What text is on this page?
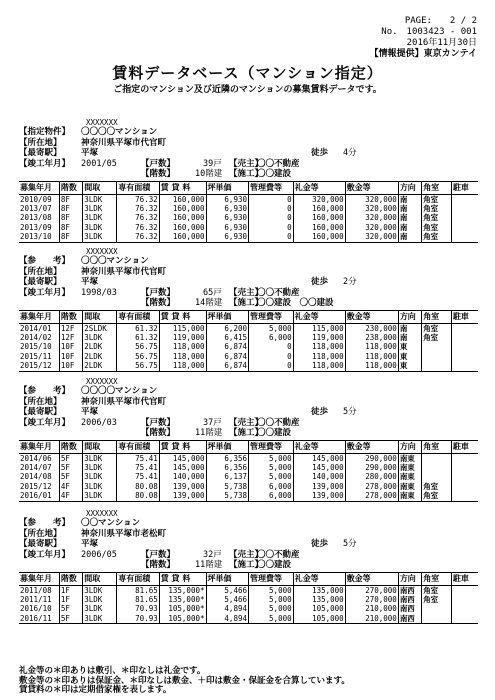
PAGE:　　2 / 2
No.　1003423 - 001
2016年11月30日
【情報提供】東京カンテイ
賃料データベース（マンション指定）
ご指定のマンション及び近隣のマンションの募集賃料データです。
XXXXXXX
【指定物件】 〇〇〇〇マンション
【所在地】 神奈川県平塚市代官町
【最寄駅】 平塚	徒歩 4分
【竣工年月】 2001/05	【戸数】	39戸 【売主】
〇〇不動産
【階数】 10階建 【施工】
〇〇建設
募集年月	階数	間取	専有面積	賃 貸 料	坪単価	管理費等	礼金等	敷金等	方向	角室	駐車
2010/09	8F	3LDK	76.32	160,000	6,930	0	320,000	320,000	南	角室	
2013/07	8F	3LDK	76.32	160,000	6,930	0	160,000	320,000	南	角室	
2013/08	8F	3LDK	76.32	160,000	6,930	0	160,000	320,000	南	角室	
2013/09	8F	3LDK	76.32	160,000	6,930	0	160,000	320,000	南	角室	
2013/10	8F	3LDK	76.32	160,000	6,930	0	160,000	320,000	南	角室	
XXXXXXX
【参　　考】 〇〇〇マンション
【所在地】 神奈川県平塚市代官町
【最寄駅】 平塚	徒歩 2分
【竣工年月】 1998/03	【戸数】	65戸 【売主】
〇〇不動産
【階数】 14階建 【施工】
〇〇建設　〇〇建設
募集年月	階数	間取	専有面積	賃 貸 料	坪単価	管理費等	礼金等	敷金等	方向	角室	駐車
2014/01	12F	2SLDK	61.32	115,000	6,200	5,000	115,000	230,000	南	角室	
2014/02	12F	3LDK	61.32	119,000	6,415	6,000	119,000	238,000	南	角室	
2015/10	10F	2LDK	56.75	118,000	6,874	0	118,000	118,000	東		
2015/11	10F	2LDK	56.75	118,000	6,874	0	118,000	118,000	東		
2015/12	10F	2LDK	56.75	118,000	6,874	0	118,000	118,000	東		
XXXXXXX
【参　　考】 〇〇〇〇マンション
【所在地】 神奈川県平塚市代官町
【最寄駅】 平塚	徒歩 5分
【竣工年月】 2006/03	【戸数】	37戸 【売主】
〇〇不動産
【階数】 11階建 【施工】
〇〇建設
募集年月	階数	間取	専有面積	賃 貸 料	坪単価	管理費等	礼金等	敷金等	方向	角室	駐車
2014/06	5F	3LDK	75.41	145,000	6,356	5,000	145,000	290,000	南東		
2014/07	5F	3LDK	75.41	145,000	6,356	5,000	145,000	290,000	南東		
2014/08	5F	3LDK	75.41	140,000	6,137	5,000	140,000	280,000	南東		
2015/12	4F	3LDK	80.08	139,000	5,738	6,000	139,000	278,000	南東	角室	
2016/01	4F	3LDK	80.08	139,000	5,738	6,000	139,000	278,000	南東	角室	
XXXXXXX
【参　　考】 〇〇マンション
【所在地】 神奈川県平塚市老松町
【最寄駅】 平塚	徒歩 5分
【竣工年月】 2006/05	【戸数】	32戸 【売主】
〇〇不動産
【階数】 11階建 【施工】
〇〇建設
募集年月	階数	間取	専有面積	賃 貸 料	坪単価	管理費等	礼金等	敷金等	方向	角室	駐車
2011/08	1F	3LDK	81.65	135,000*	5,466	5,000	135,000	270,000	南西	角室	
2011/11	1F	3LDK	81.65	135,000*	5,466	5,000	135,000	270,000	南西	角室	
2016/10	5F	3LDK	70.93	105,000*	4,894	5,000	105,000	210,000	南西		
2016/11	5F	3LDK	70.93	105,000*	4,894	5,000	105,000	210,000	南西		
礼金等の＊印ありは敷引、＊印なしは礼金です。
敷金等の＊印ありは保証金、＊印なしは敷金、＋印は敷金・保証金を合算しています。
賃貸料の＊印は定期借家権を表します。
